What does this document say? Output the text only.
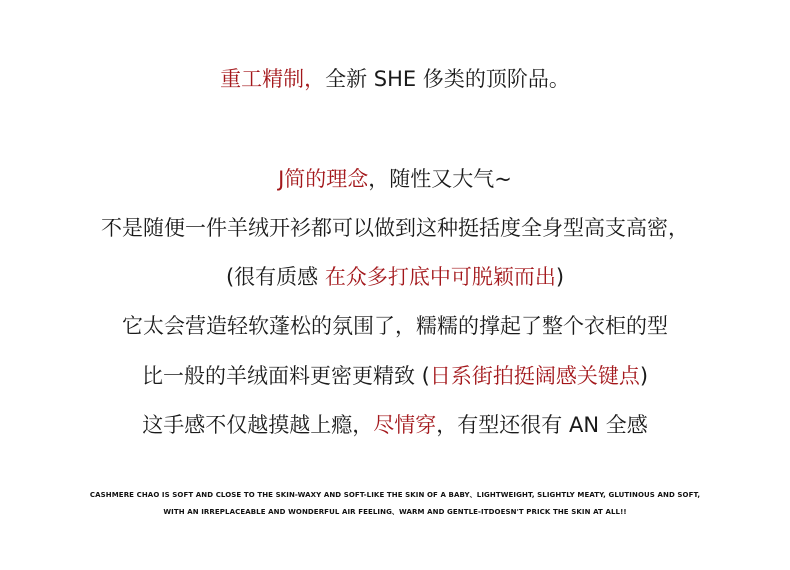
重工精制，全新 SHE 侈类的顶阶品。
J简的理念，随性又大气~
不是随便一件羊绒开衫都可以做到这种挺括度全身型高支高密，
(很有质感 在众多打底中可脱颖而出)
它太会营造轻软蓬松的氛围了，糯糯的撑起了整个衣柜的型
比一般的羊绒面料更密更精致 (日系街拍挺阔感关键点)
这手感不仅越摸越上瘾，尽情穿，有型还很有 AN 全感
CASHMERE CHAO IS SOFT AND CLOSE TO THE SKIN-WAXY AND SOFT-LIKE THE SKIN OF A BABY、LIGHTWEIGHT, SLIGHTLY MEATY, GLUTINOUS AND SOFT,
WITH AN IRREPLACEABLE AND WONDERFUL AIR FEELING、WARM AND GENTLE-ITDOESN'T PRICK THE SKIN AT ALL!!
